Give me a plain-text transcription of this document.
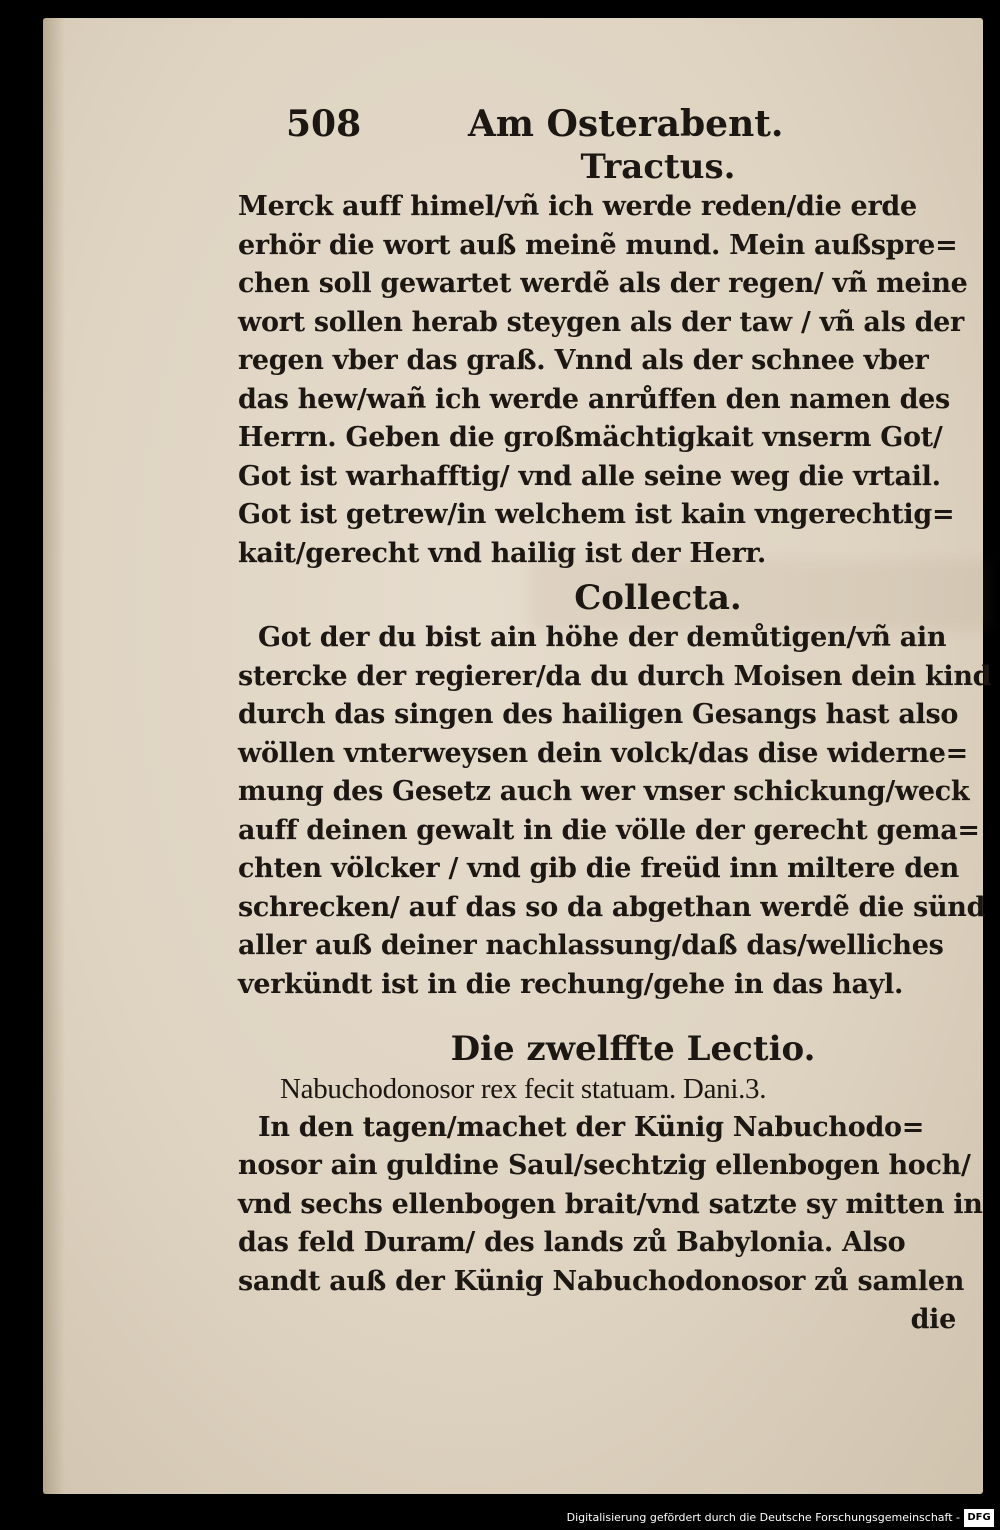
508	Am Osterabent.
Tractus.
Merck auff himel/vñ ich werde reden/die erde
erhör die wort auß meinẽ mund. Mein außspre=
chen soll gewartet werdẽ als der regen/ vñ meine
wort sollen herab steygen als der taw / vñ als der
regen vber das graß. Vnnd als der schnee vber
das hew/wañ ich werde anrůffen den namen des
Herrn. Geben die großmächtigkait vnserm Got/
Got ist warhafftig/ vnd alle seine weg die vrtail.
Got ist getrew/in welchem ist kain vngerechtig=
kait/gerecht vnd hailig ist der Herr.
Collecta.
Got der du bist ain höhe der demůtigen/vñ ain
stercke der regierer/da du durch Moisen dein kind
durch das singen des hailigen Gesangs hast also
wöllen vnterweysen dein volck/das dise widerne=
mung des Gesetz auch wer vnser schickung/weck
auff deinen gewalt in die völle der gerecht gema=
chten völcker / vnd gib die freüd inn miltere den
schrecken/ auf das so da abgethan werdẽ die sünd
aller auß deiner nachlassung/daß das/welliches
verkündt ist in die rechung/gehe in das hayl.
Die zwelffte Lectio.
Nabuchodonosor rex fecit statuam. Dani.3.
In den tagen/machet der Künig Nabuchodo=
nosor ain guldine Saul/sechtzig ellenbogen hoch/
vnd sechs ellenbogen brait/vnd satzte sy mitten in
das feld Duram/ des lands zů Babylonia. Also
sandt auß der Künig Nabuchodonosor zů samlen
die
Digitalisierung gefördert durch die Deutsche Forschungsgemeinschaft - DFG
